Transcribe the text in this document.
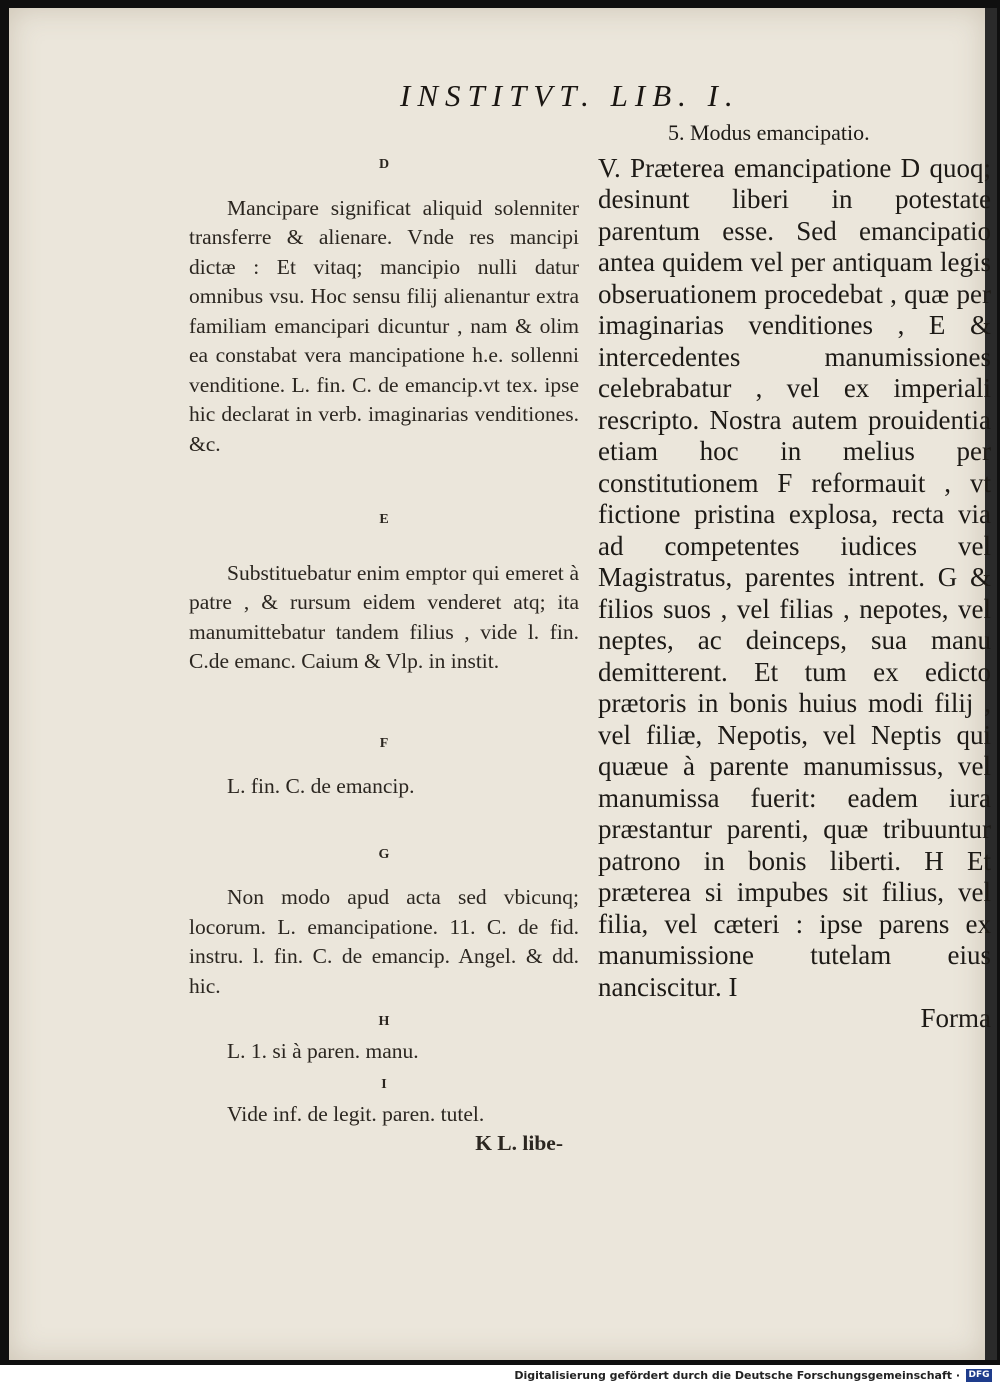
INSTITVT. LIB. I.

D

Mancipare significat aliquid solenniter transferre & alienare. Vnde res mancipi dictæ : Et vitaq; mancipio nulli datur omnibus vsu. Hoc sensu filij alienantur extra familiam emancipari dicuntur , nam & olim ea constabat vera mancipatione h.e. sollenni venditione. L. fin. C. de emancip.vt tex. ipse hic declarat in verb. imaginarias venditiones. &c.

E

Substituebatur enim emptor qui emeret à patre , & rursum eidem venderet atq; ita manumittebatur tandem filius , vide l. fin. C.de emanc. Caium & Vlp. in instit.

F

L. fin. C. de emancip.

G

Non modo apud acta sed vbicunq; locorum. L. emancipatione. 11. C. de fid. instru. l. fin. C. de emancip. Angel. & dd. hic.

H

L. 1. si à paren. manu.

I

Vide inf. de legit. paren. tutel.

K L. libe-

5. Modus emancipatio.
V. Præterea emancipatione D quoq; desinunt liberi in potestate parentum esse. Sed emancipatio antea quidem vel per antiquam legis obseruationem procedebat , quæ per imaginarias venditiones , E & intercedentes manumissiones celebrabatur , vel ex imperiali rescripto. Nostra autem prouidentia etiam hoc in melius per constitutionem F reformauit , vt fictione pristina explosa, recta via ad competentes iudices vel Magistratus, parentes intrent. G & filios suos , vel filias , nepotes, vel neptes, ac deinceps, sua manu demitterent. Et tum ex edicto prætoris in bonis huius modi filij , vel filiæ, Nepotis, vel Neptis qui quæue à parente manumissus, vel manumissa fuerit: eadem iura præstantur parenti, quæ tribuuntur patrono in bonis liberti. H Et præterea si impubes sit filius, vel filia, vel cæteri : ipse parens ex manumissione tutelam eius nanciscitur. I
Forma
Digitalisierung gefördert durch die Deutsche Forschungsgemeinschaft · DFG
